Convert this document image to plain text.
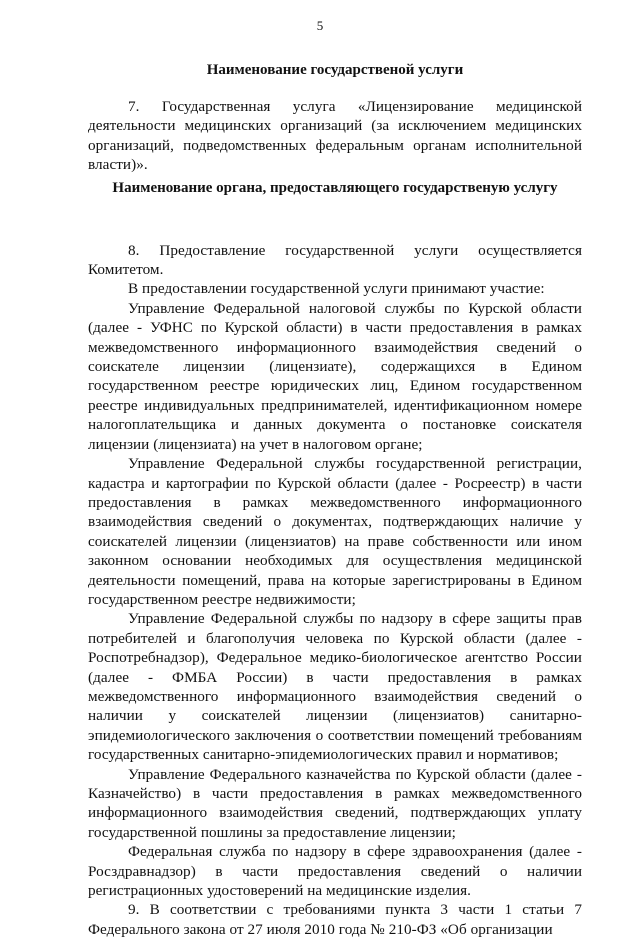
5
Наименование государственой услуги

7. Государственная услуга «Лицензирование медицинской деятельности медицинских организаций (за исключением медицинских организаций, подведомственных федеральным органам исполнительной власти)».

8. Предоставление государственной услуги осуществляется Комитетом.

В предоставлении государственной услуги принимают участие:

Управление Федеральной налоговой службы по Курской области (далее - УФНС по Курской области) в части предоставления в рамках межведомственного информационного взаимодействия сведений о соискателе лицензии (лицензиате), содержащихся в Едином государственном реестре юридических лиц, Едином государственном реестре индивидуальных предпринимателей, идентификационном номере налогоплательщика и данных документа о постановке соискателя лицензии (лицензиата) на учет в налоговом органе;

Управление Федеральной службы государственной регистрации, кадастра и картографии по Курской области (далее - Росреестр) в части предоставления в рамках межведомственного информационного взаимодействия сведений о документах, подтверждающих наличие у соискателей лицензии (лицензиатов) на праве собственности или ином законном основании необходимых для осуществления медицинской деятельности помещений, права на которые зарегистрированы в Едином государственном реестре недвижимости;

Управление Федеральной службы по надзору в сфере защиты прав потребителей и благополучия человека по Курской области (далее - Роспотребнадзор), Федеральное медико-биологическое агентство России (далее - ФМБА России) в части предоставления в рамках межведомственного информационного взаимодействия сведений о наличии у соискателей лицензии (лицензиатов) санитарно-эпидемиологического заключения о соответствии помещений требованиям государственных санитарно-эпидемиологических правил и нормативов;

Управление Федерального казначейства по Курской области (далее - Казначейство) в части предоставления в рамках межведомственного информационного взаимодействия сведений, подтверждающих уплату государственной пошлины за предоставление лицензии;

Федеральная служба по надзору в сфере здравоохранения (далее - Росздравнадзор) в части предоставления сведений о наличии регистрационных удостоверений на медицинские изделия.

9. В соответствии с требованиями пункта 3 части 1 статьи 7 Федерального закона от 27 июля 2010 года № 210-ФЗ «Об организации

Наименование органа, предоставляющего государственую услугу
